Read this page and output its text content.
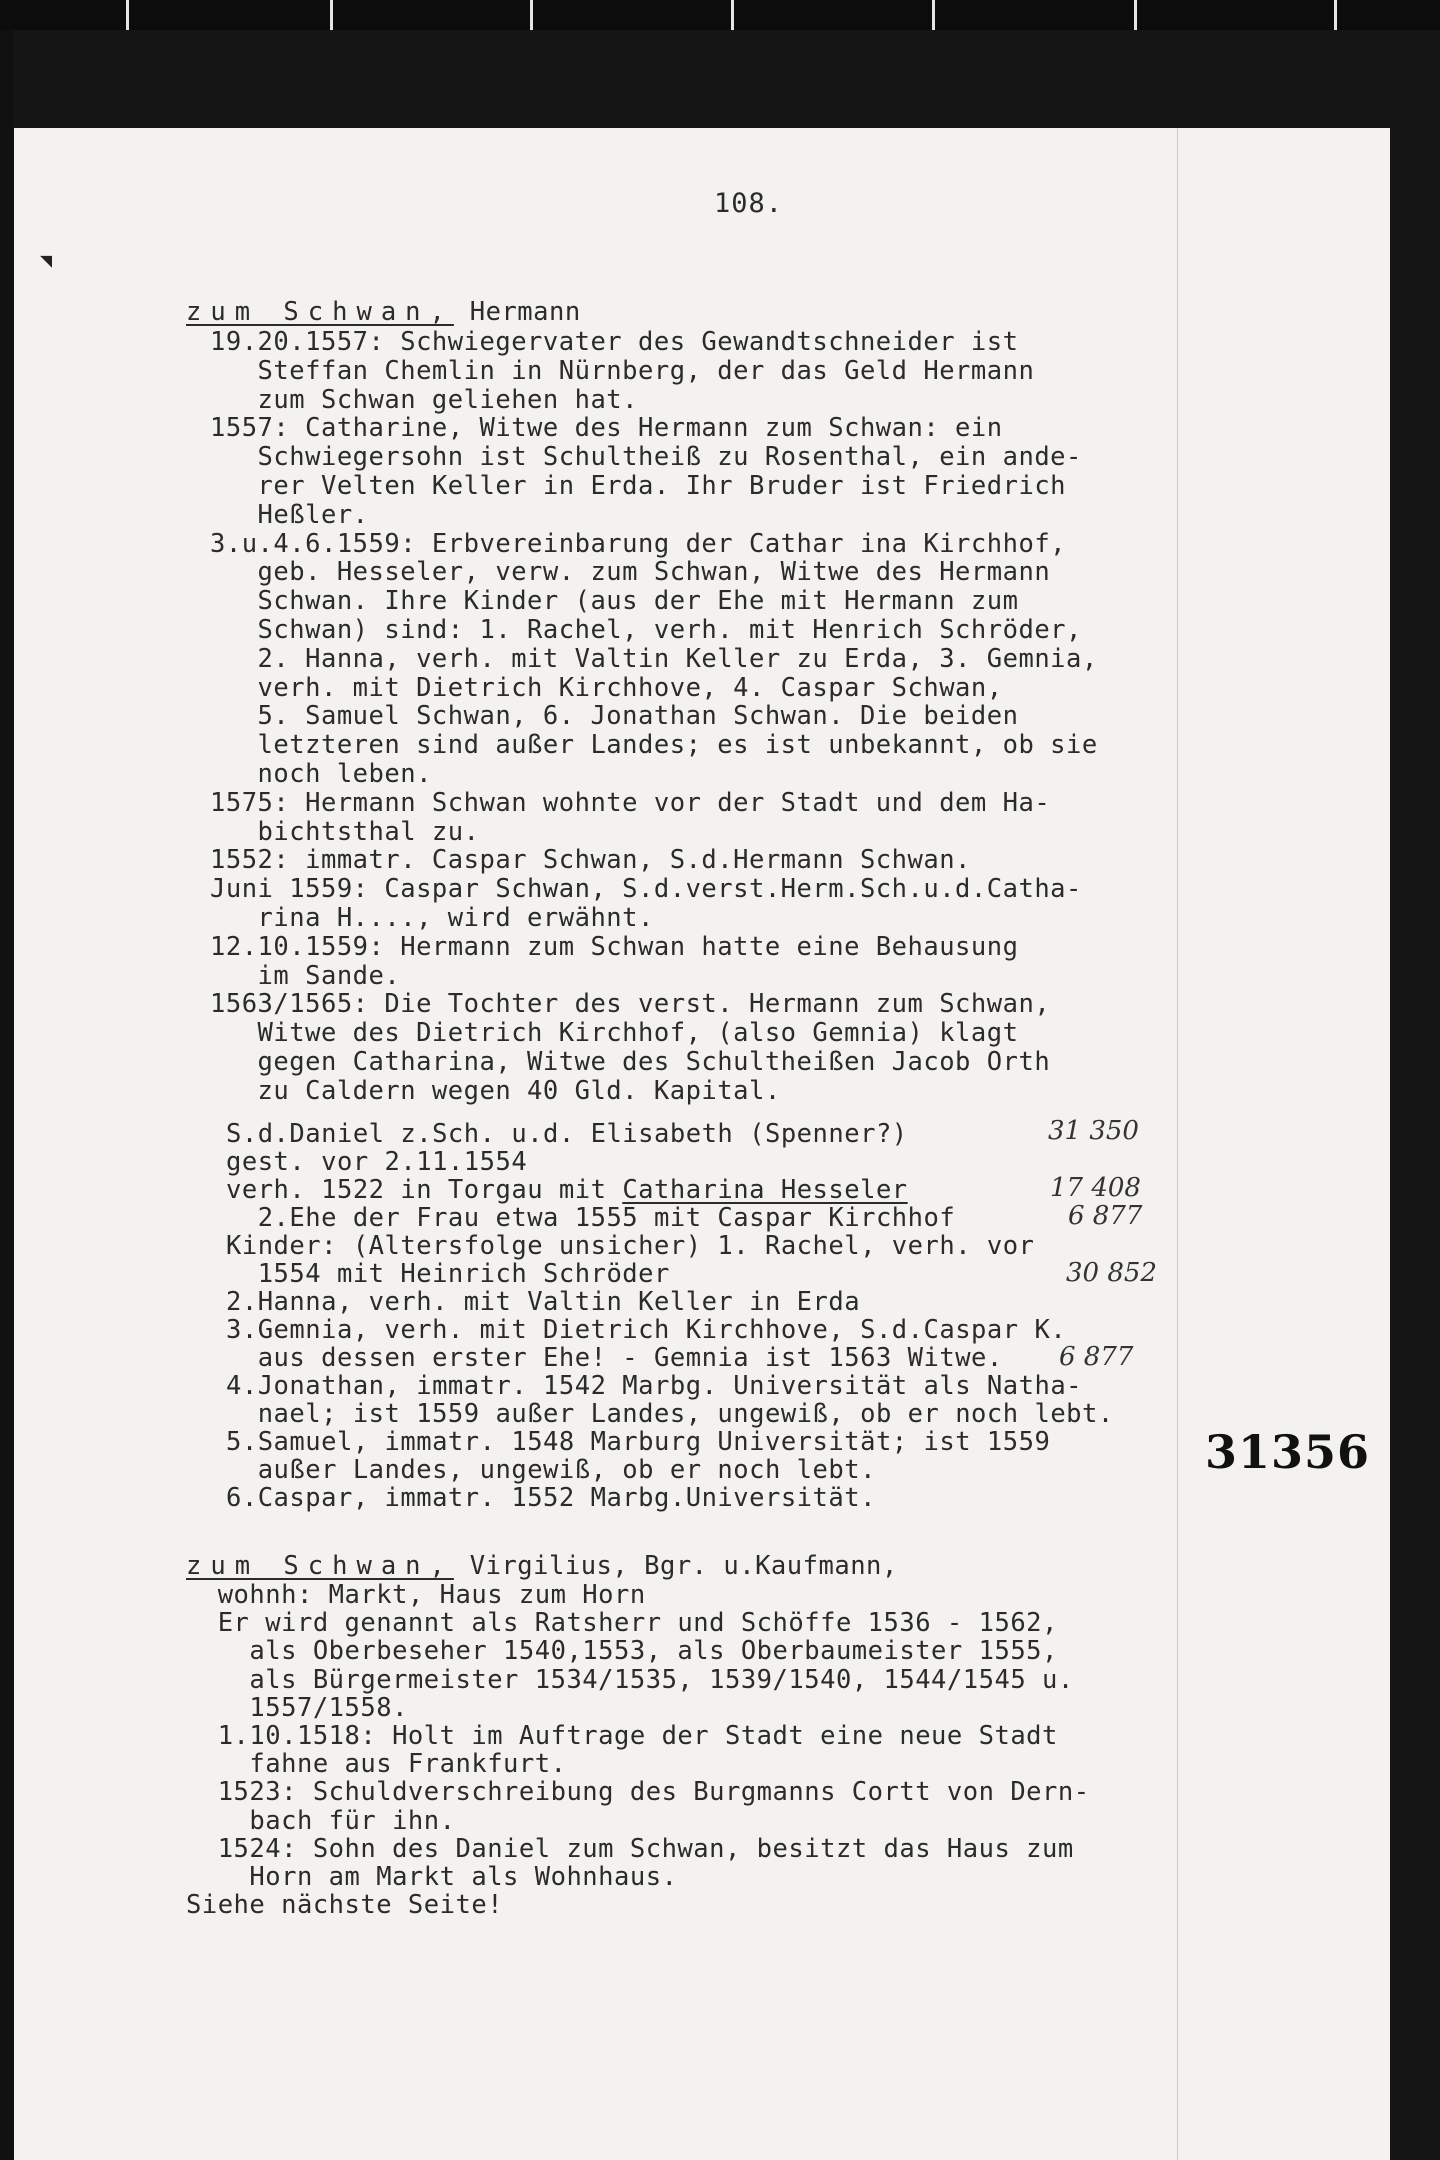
108.
zum Schwan, Hermann
19.20.1557: Schwiegervater des Gewandtschneider ist
Steffan Chemlin in Nürnberg, der das Geld Hermann
zum Schwan geliehen hat.
1557: Catharine, Witwe des Hermann zum Schwan: ein
Schwiegersohn ist Schultheiß zu Rosenthal, ein ande-
rer Velten Keller in Erda. Ihr Bruder ist Friedrich
Heßler.
3.u.4.6.1559: Erbvereinbarung der Cathar ina Kirchhof,
geb. Hesseler, verw. zum Schwan, Witwe des Hermann
Schwan. Ihre Kinder (aus der Ehe mit Hermann zum
Schwan) sind: 1. Rachel, verh. mit Henrich Schröder,
2. Hanna, verh. mit Valtin Keller zu Erda, 3. Gemnia,
verh. mit Dietrich Kirchhove, 4. Caspar Schwan,
5. Samuel Schwan, 6. Jonathan Schwan. Die beiden
letzteren sind außer Landes; es ist unbekannt, ob sie
noch leben.
1575: Hermann Schwan wohnte vor der Stadt und dem Ha-
bichtsthal zu.
1552: immatr. Caspar Schwan, S.d.Hermann Schwan.
Juni 1559: Caspar Schwan, S.d.verst.Herm.Sch.u.d.Catha-
rina H...., wird erwähnt.
12.10.1559: Hermann zum Schwan hatte eine Behausung
im Sande.
1563/1565: Die Tochter des verst. Hermann zum Schwan,
Witwe des Dietrich Kirchhof, (also Gemnia) klagt
gegen Catharina, Witwe des Schultheißen Jacob Orth
zu Caldern wegen 40 Gld. Kapital.
S.d.Daniel z.Sch. u.d. Elisabeth (Spenner?)
gest. vor 2.11.1554
verh. 1522 in Torgau mit Catharina Hesseler
2.Ehe der Frau etwa 1555 mit Caspar Kirchhof
Kinder: (Altersfolge unsicher) 1. Rachel, verh. vor
1554 mit Heinrich Schröder
2.Hanna, verh. mit Valtin Keller in Erda
3.Gemnia, verh. mit Dietrich Kirchhove, S.d.Caspar K.
aus dessen erster Ehe! - Gemnia ist 1563 Witwe.
4.Jonathan, immatr. 1542 Marbg. Universität als Natha-
nael; ist 1559 außer Landes, ungewiß, ob er noch lebt.
5.Samuel, immatr. 1548 Marburg Universität; ist 1559
außer Landes, ungewiß, ob er noch lebt.
6.Caspar, immatr. 1552 Marbg.Universität.
31 350
17 408
6 877
30 852
6 877
zum Schwan, Virgilius, Bgr. u.Kaufmann,
wohnh: Markt, Haus zum Horn
Er wird genannt als Ratsherr und Schöffe 1536 - 1562,
als Oberbeseher 1540,1553, als Oberbaumeister 1555,
als Bürgermeister 1534/1535, 1539/1540, 1544/1545 u.
1557/1558.
1.10.1518: Holt im Auftrage der Stadt eine neue Stadt
fahne aus Frankfurt.
1523: Schuldverschreibung des Burgmanns Cortt von Dern-
bach für ihn.
1524: Sohn des Daniel zum Schwan, besitzt das Haus zum
Horn am Markt als Wohnhaus.
Siehe nächste Seite!
31356
◥
